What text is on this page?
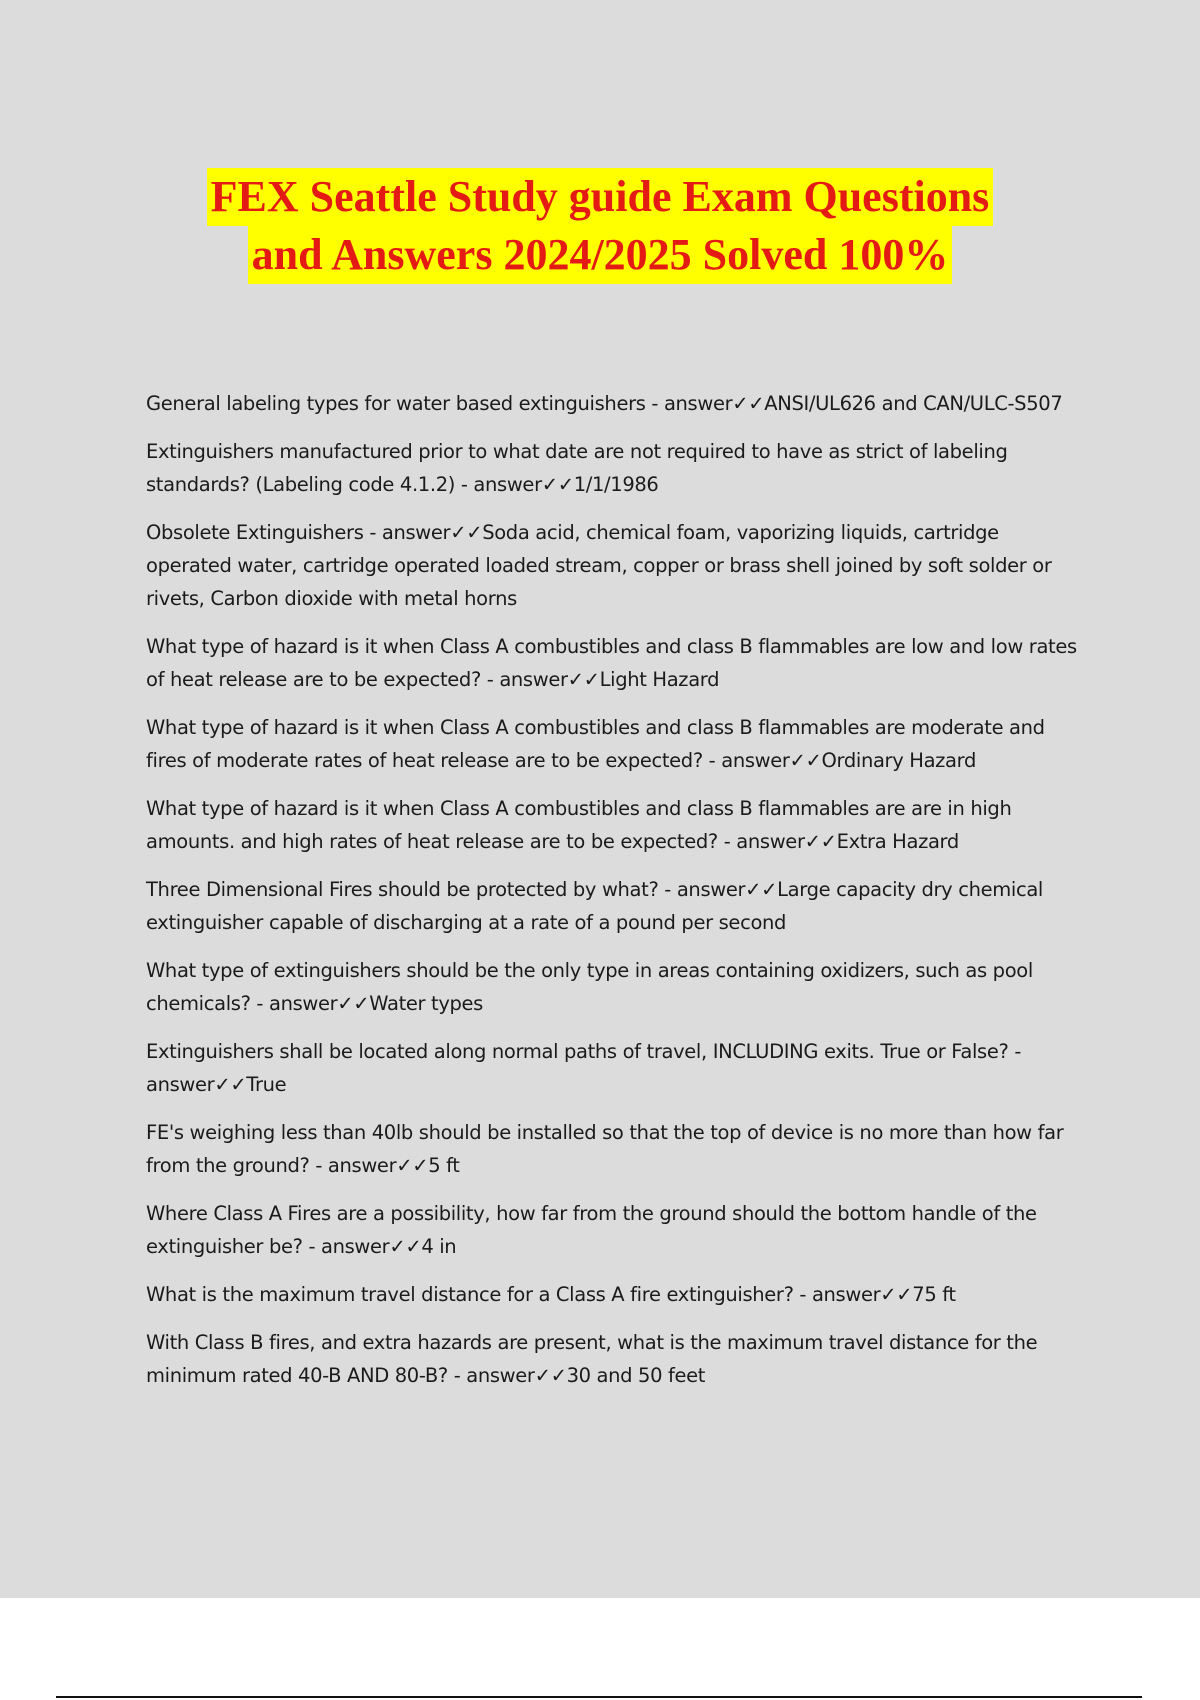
FEX Seattle Study guide Exam Questions
and Answers 2024/2025 Solved 100%

General labeling types for water based extinguishers - answer✓✓ANSI/UL626 and CAN/ULC-S507

Extinguishers manufactured prior to what date are not required to have as strict of labeling standards? (Labeling code 4.1.2) - answer✓✓1/1/1986

Obsolete Extinguishers - answer✓✓Soda acid, chemical foam, vaporizing liquids, cartridge operated water, cartridge operated loaded stream, copper or brass shell joined by soft solder or rivets, Carbon dioxide with metal horns

What type of hazard is it when Class A combustibles and class B flammables are low and low rates of heat release are to be expected? - answer✓✓Light Hazard

What type of hazard is it when Class A combustibles and class B flammables are moderate and fires of moderate rates of heat release are to be expected? - answer✓✓Ordinary Hazard

What type of hazard is it when Class A combustibles and class B flammables are are in high amounts. and high rates of heat release are to be expected? - answer✓✓Extra Hazard

Three Dimensional Fires should be protected by what? - answer✓✓Large capacity dry chemical extinguisher capable of discharging at a rate of a pound per second

What type of extinguishers should be the only type in areas containing oxidizers, such as pool chemicals? - answer✓✓Water types

Extinguishers shall be located along normal paths of travel, INCLUDING exits. True or False? - answer✓✓True

FE's weighing less than 40lb should be installed so that the top of device is no more than how far from the ground? - answer✓✓5 ft

Where Class A Fires are a possibility, how far from the ground should the bottom handle of the extinguisher be? - answer✓✓4 in

What is the maximum travel distance for a Class A fire extinguisher? - answer✓✓75 ft

With Class B fires, and extra hazards are present, what is the maximum travel distance for the minimum rated 40-B AND 80-B? - answer✓✓30 and 50 feet
